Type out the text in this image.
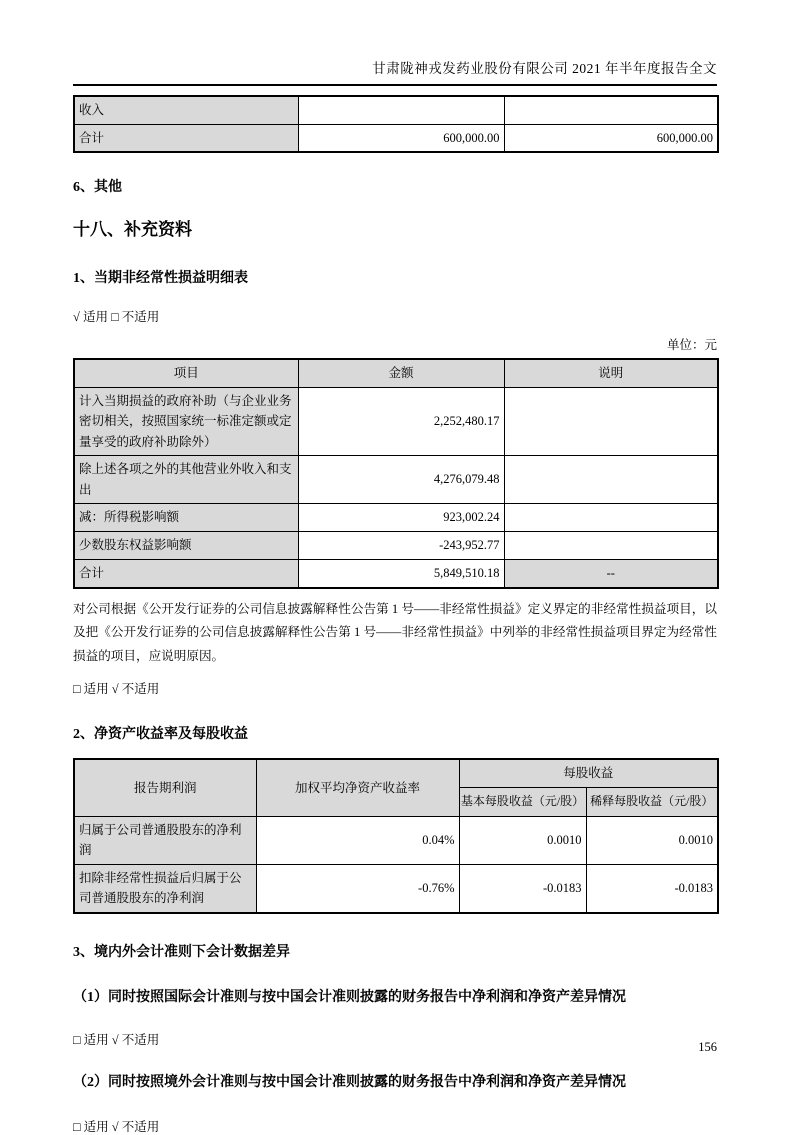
甘肃陇神戎发药业股份有限公司 2021 年半年度报告全文
收入		
合计	600,000.00	600,000.00
6、其他
十八、补充资料
1、当期非经常性损益明细表
√ 适用 □ 不适用
单位：元
项目	金额	说明
计入当期损益的政府补助（与企业业务密切相关，按照国家统一标准定额或定量享受的政府补助除外）	2,252,480.17	
除上述各项之外的其他营业外收入和支出	4,276,079.48	
减：所得税影响额	923,002.24	
少数股东权益影响额	-243,952.77	
合计	5,849,510.18	--
对公司根据《公开发行证券的公司信息披露解释性公告第 1 号——非经常性损益》定义界定的非经常性损益项目，以及把《公开发行证券的公司信息披露解释性公告第 1 号——非经常性损益》中列举的非经常性损益项目界定为经常性损益的项目，应说明原因。
□ 适用 √ 不适用
2、净资产收益率及每股收益
报告期利润	加权平均净资产收益率	每股收益	
		基本每股收益（元/股）	稀释每股收益（元/股）
归属于公司普通股股东的净利润	0.04%	0.0010	0.0010
扣除非经常性损益后归属于公司普通股股东的净利润	-0.76%	-0.0183	-0.0183
3、境内外会计准则下会计数据差异
（1）同时按照国际会计准则与按中国会计准则披露的财务报告中净利润和净资产差异情况
□ 适用 √ 不适用
（2）同时按照境外会计准则与按中国会计准则披露的财务报告中净利润和净资产差异情况
□ 适用 √ 不适用
156
